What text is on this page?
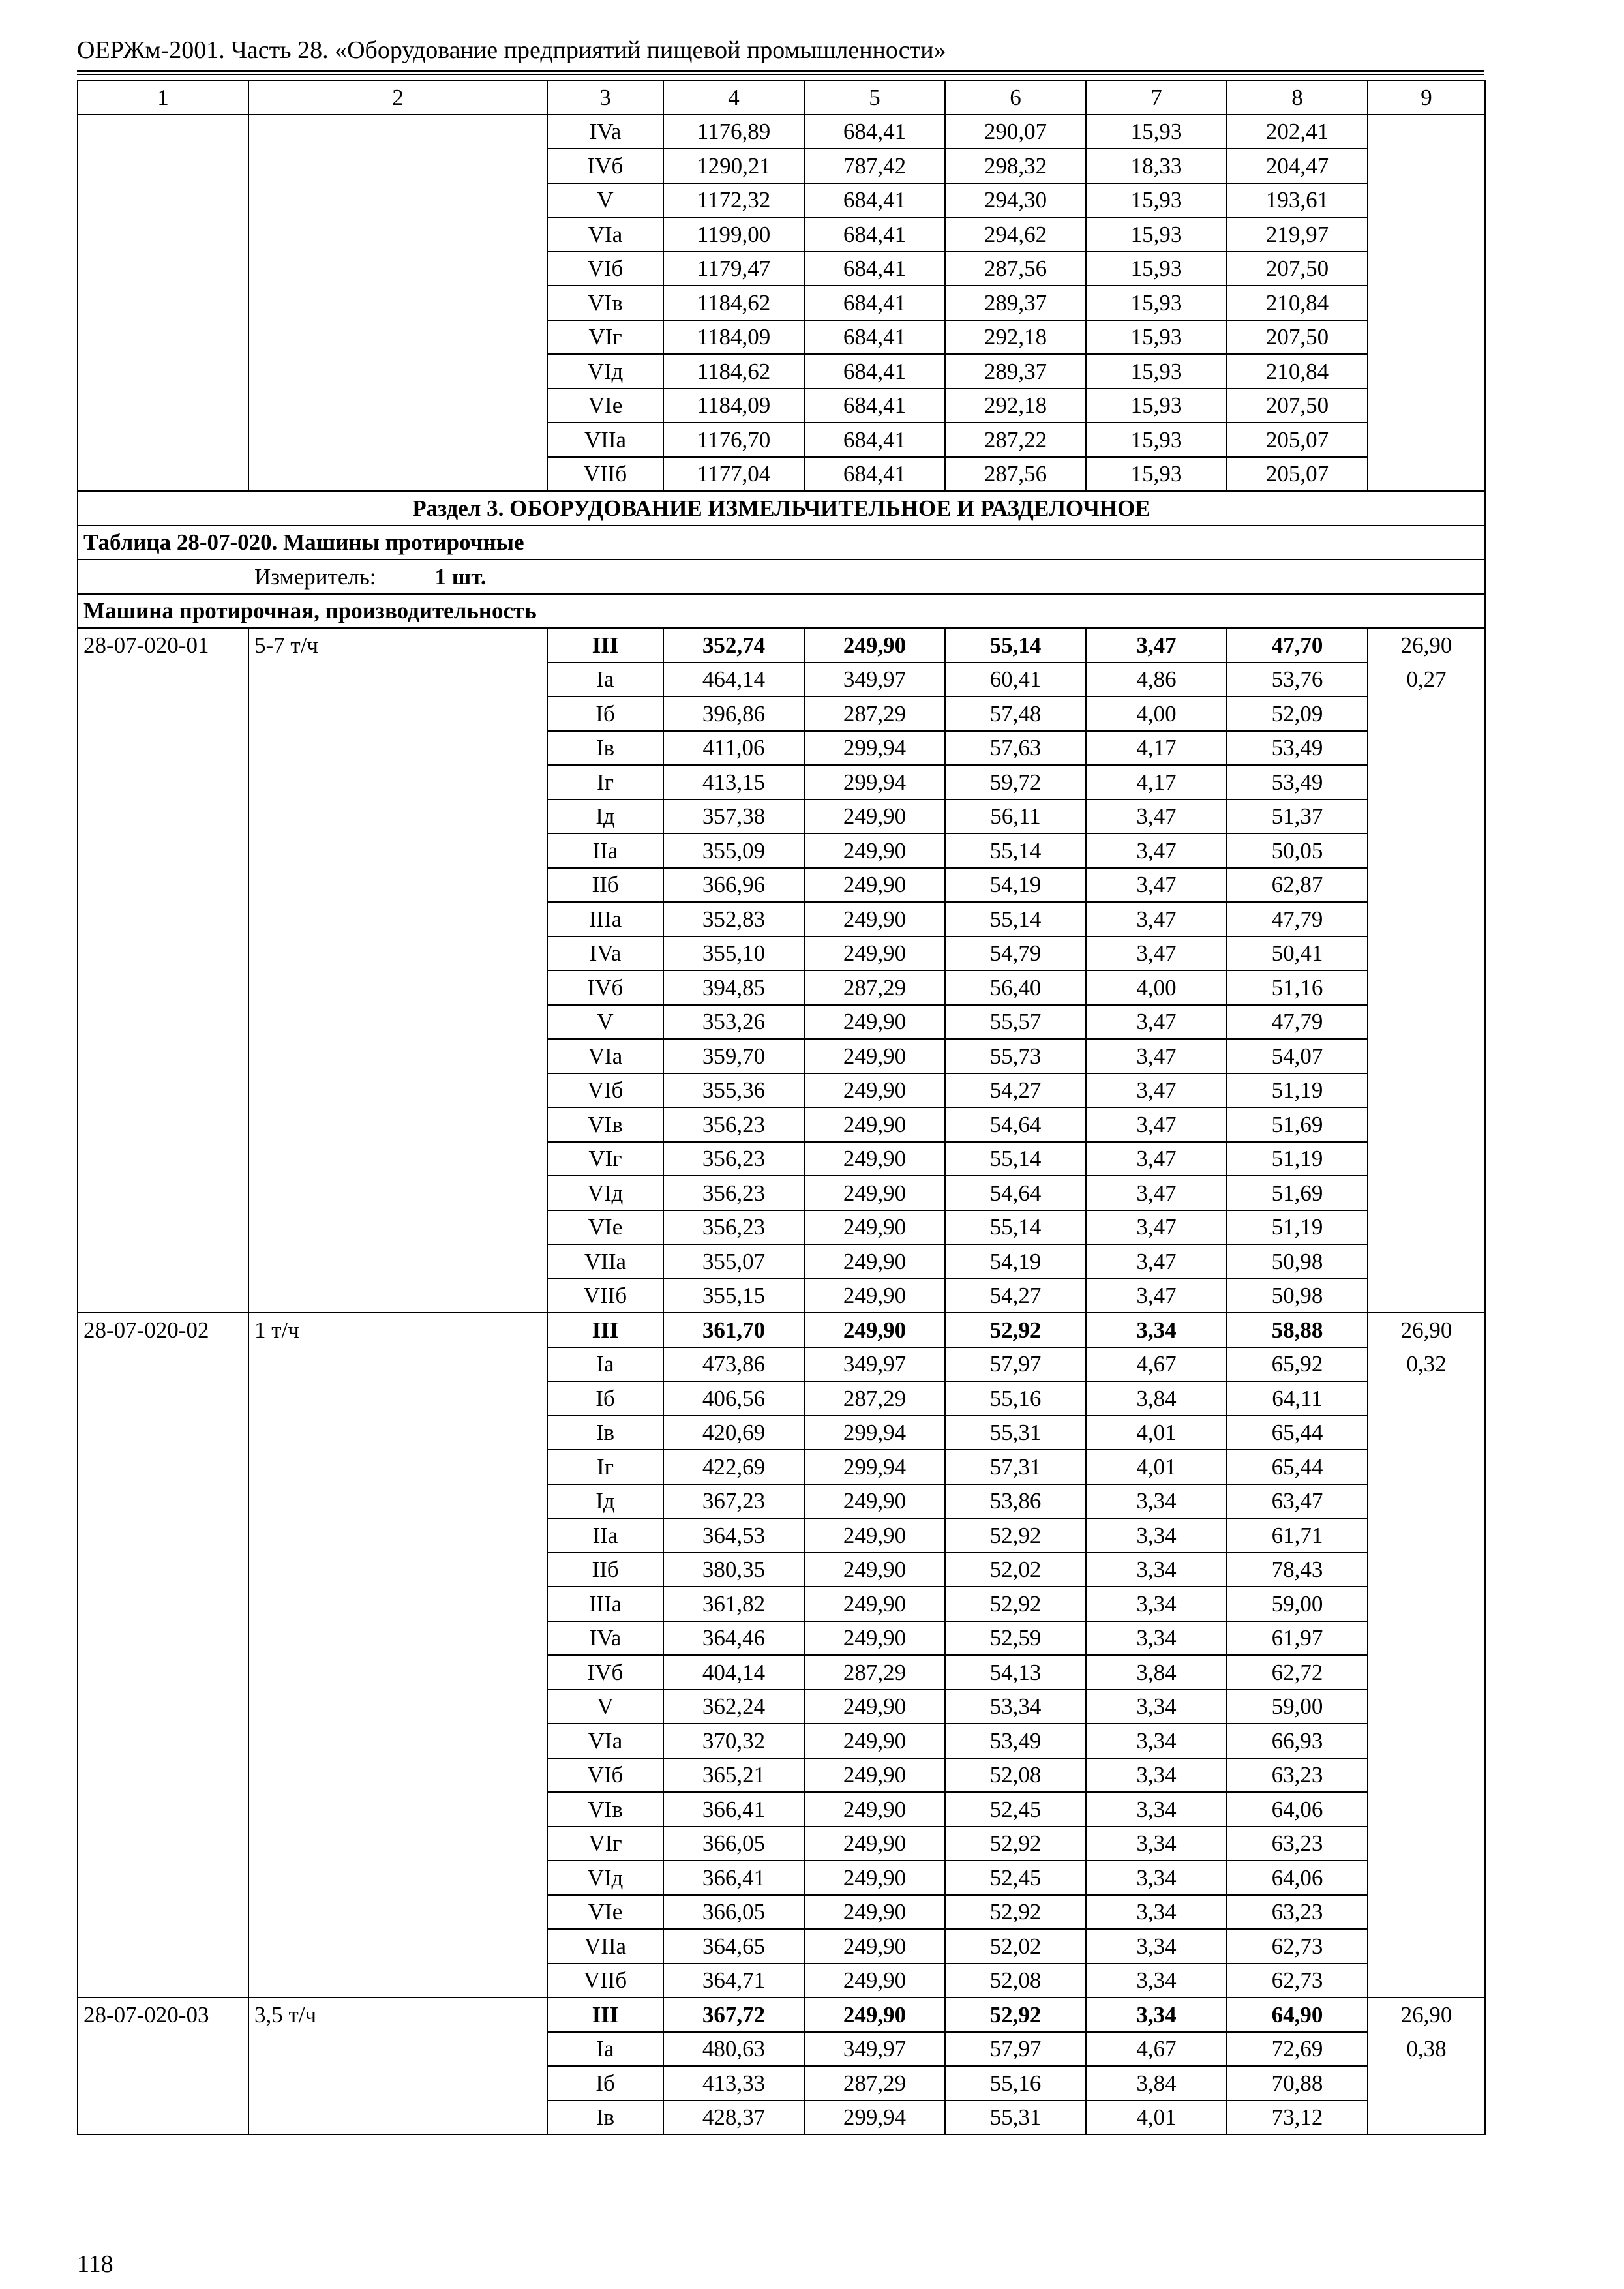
ОЕРЖм-2001. Часть 28. «Оборудование предприятий пищевой промышленности»
1	2	3	4	5	6	7	8	9
		IVa	1176,89	684,41	290,07	15,93	202,41	
		IVб	1290,21	787,42	298,32	18,33	204,47	
		V	1172,32	684,41	294,30	15,93	193,61	
		VIa	1199,00	684,41	294,62	15,93	219,97	
		VIб	1179,47	684,41	287,56	15,93	207,50	
		VIв	1184,62	684,41	289,37	15,93	210,84	
		VIг	1184,09	684,41	292,18	15,93	207,50	
		VIд	1184,62	684,41	289,37	15,93	210,84	
		VIe	1184,09	684,41	292,18	15,93	207,50	
		VIIa	1176,70	684,41	287,22	15,93	205,07	
		VIIб	1177,04	684,41	287,56	15,93	205,07	
Раздел 3. ОБОРУДОВАНИЕ ИЗМЕЛЬЧИТЕЛЬНОЕ И РАЗДЕЛОЧНОЕ								
Таблица 28-07-020. Машины протирочные								
Измеритель: 1 шт.								
Машина протирочная, производительность								
28-07-020-01	5-7 т/ч	III	352,74	249,90	55,14	3,47	47,70	26,90
		Ia	464,14	349,97	60,41	4,86	53,76	0,27
		Iб	396,86	287,29	57,48	4,00	52,09	
		Iв	411,06	299,94	57,63	4,17	53,49	
		Iг	413,15	299,94	59,72	4,17	53,49	
		Iд	357,38	249,90	56,11	3,47	51,37	
		IIa	355,09	249,90	55,14	3,47	50,05	
		IIб	366,96	249,90	54,19	3,47	62,87	
		IIIa	352,83	249,90	55,14	3,47	47,79	
		IVa	355,10	249,90	54,79	3,47	50,41	
		IVб	394,85	287,29	56,40	4,00	51,16	
		V	353,26	249,90	55,57	3,47	47,79	
		VIa	359,70	249,90	55,73	3,47	54,07	
		VIб	355,36	249,90	54,27	3,47	51,19	
		VIв	356,23	249,90	54,64	3,47	51,69	
		VIг	356,23	249,90	55,14	3,47	51,19	
		VIд	356,23	249,90	54,64	3,47	51,69	
		VIe	356,23	249,90	55,14	3,47	51,19	
		VIIa	355,07	249,90	54,19	3,47	50,98	
		VIIб	355,15	249,90	54,27	3,47	50,98	
28-07-020-02	1 т/ч	III	361,70	249,90	52,92	3,34	58,88	26,90
		Ia	473,86	349,97	57,97	4,67	65,92	0,32
		Iб	406,56	287,29	55,16	3,84	64,11	
		Iв	420,69	299,94	55,31	4,01	65,44	
		Iг	422,69	299,94	57,31	4,01	65,44	
		Iд	367,23	249,90	53,86	3,34	63,47	
		IIa	364,53	249,90	52,92	3,34	61,71	
		IIб	380,35	249,90	52,02	3,34	78,43	
		IIIa	361,82	249,90	52,92	3,34	59,00	
		IVa	364,46	249,90	52,59	3,34	61,97	
		IVб	404,14	287,29	54,13	3,84	62,72	
		V	362,24	249,90	53,34	3,34	59,00	
		VIa	370,32	249,90	53,49	3,34	66,93	
		VIб	365,21	249,90	52,08	3,34	63,23	
		VIв	366,41	249,90	52,45	3,34	64,06	
		VIг	366,05	249,90	52,92	3,34	63,23	
		VIд	366,41	249,90	52,45	3,34	64,06	
		VIe	366,05	249,90	52,92	3,34	63,23	
		VIIa	364,65	249,90	52,02	3,34	62,73	
		VIIб	364,71	249,90	52,08	3,34	62,73	
28-07-020-03	3,5 т/ч	III	367,72	249,90	52,92	3,34	64,90	26,90
		Ia	480,63	349,97	57,97	4,67	72,69	0,38
		Iб	413,33	287,29	55,16	3,84	70,88	
		Iв	428,37	299,94	55,31	4,01	73,12	
118
